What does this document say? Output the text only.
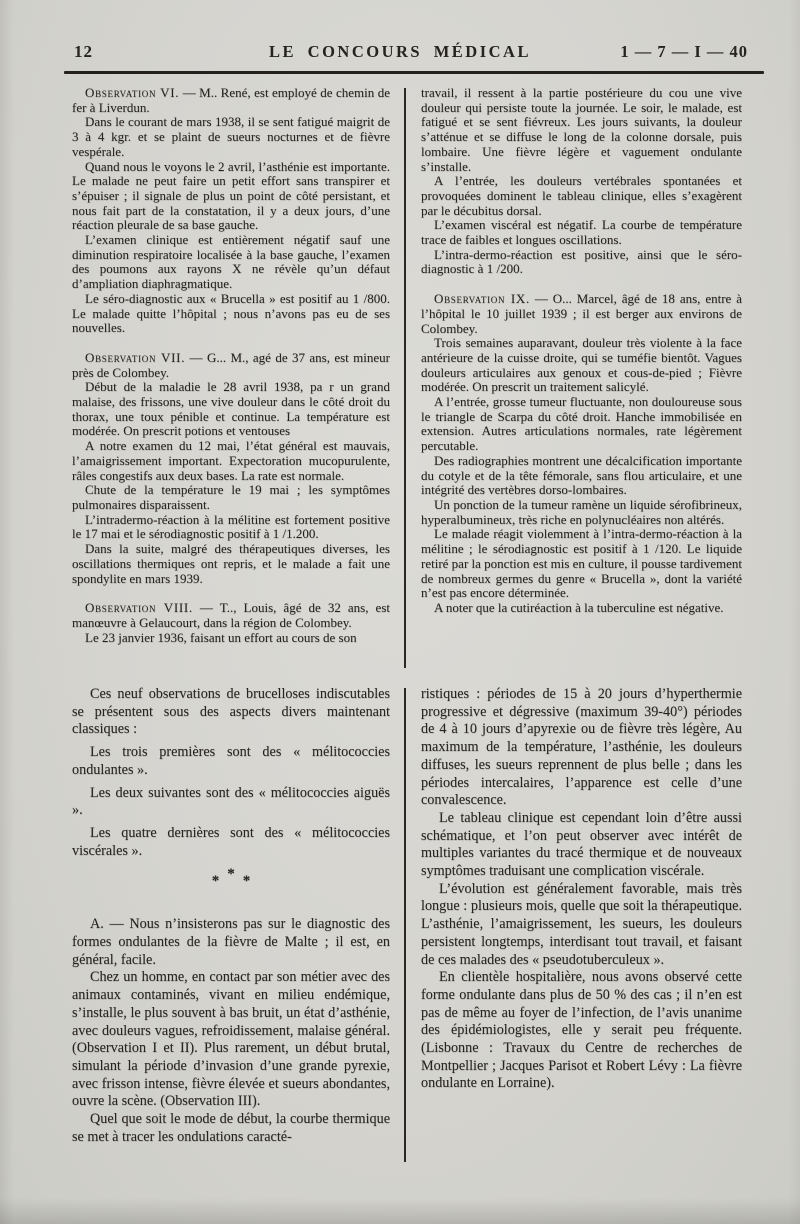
12	LE CONCOURS MÉDICAL	1 — 7 — I — 40

Observation VI. — M.. René, est employé de chemin de fer à Liverdun.

Dans le courant de mars 1938, il se sent fatigué maigrit de 3 à 4 kgr. et se plaint de sueurs nocturnes et de fièvre vespérale.

Quand nous le voyons le 2 avril, l’asthénie est importante. Le malade ne peut faire un petit effort sans transpirer et s’épuiser ; il signale de plus un point de côté persistant, et nous fait part de la constatation, il y a deux jours, d’une réaction pleurale de sa base gauche.

L’examen clinique est entièrement négatif sauf une diminution respiratoire localisée à la base gauche, l’examen des poumons aux rayons X ne révèle qu’un défaut d’ampliation diaphragmatique.

Le séro-diagnostic aux « Brucella » est positif au 1 /800. Le malade quitte l’hôpital ; nous n’avons pas eu de ses nouvelles.

Observation VII. — G... M., agé de 37 ans, est mineur près de Colombey.

Début de la maladie le 28 avril 1938, pa r un grand malaise, des frissons, une vive douleur dans le côté droit du thorax, une toux pénible et continue. La température est modérée. On prescrit potions et ventouses

A notre examen du 12 mai, l’état général est mauvais, l’amaigrissement important. Expectoration mucopurulente, râles congestifs aux deux bases. La rate est normale.

Chute de la température le 19 mai ; les symptômes pulmonaires disparaissent.

L’intradermo-réaction à la mélitine est fortement positive le 17 mai et le sérodiagnostic positif à 1 /1.200.

Dans la suite, malgré des thérapeutiques diverses, les oscillations thermiques ont repris, et le malade a fait une spondylite en mars 1939.

Observation VIII. — T.., Louis, âgé de 32 ans, est manœuvre à Gelaucourt, dans la région de Colombey.

Le 23 janvier 1936, faisant un effort au cours de son

travail, il ressent à la partie postérieure du cou une vive douleur qui persiste toute la journée. Le soir, le malade, est fatigué et se sent fiévreux. Les jours suivants, la douleur s’atténue et se diffuse le long de la colonne dorsale, puis lombaire. Une fièvre légère et vaguement ondulante s’installe.

A l’entrée, les douleurs vertébrales spontanées et provoquées dominent le tableau clinique, elles s’exagèrent par le décubitus dorsal.

L’examen viscéral est négatif. La courbe de température trace de faibles et longues oscillations.

L’intra-dermo-réaction est positive, ainsi que le séro-diagnostic à 1 /200.

Observation IX. — O... Marcel, âgé de 18 ans, entre à l’hôpital le 10 juillet 1939 ; il est berger aux environs de Colombey.

Trois semaines auparavant, douleur très violente à la face antérieure de la cuisse droite, qui se tuméfie bientôt. Vagues douleurs articulaires aux genoux et cous-de-pied ; Fièvre modérée. On prescrit un traitement salicylé.

A l’entrée, grosse tumeur fluctuante, non douloureuse sous le triangle de Scarpa du côté droit. Hanche immobilisée en extension. Autres articulations normales, rate légèrement percutable.

Des radiographies montrent une décalcification importante du cotyle et de la tête fémorale, sans flou articulaire, et une intégrité des vertèbres dorso-lombaires.

Un ponction de la tumeur ramène un liquide sérofibrineux, hyperalbumineux, très riche en polynucléaires non altérés.

Le malade réagit violemment à l’intra-dermo-réaction à la mélitine ; le sérodiagnostic est positif à 1 /120. Le liquide retiré par la ponction est mis en culture, il pousse tardivement de nombreux germes du genre « Brucella », dont la variété n’est pas encore déterminée.

A noter que la cutiréaction à la tuberculine est négative.

Ces neuf observations de brucelloses indiscutables se présentent sous des aspects divers maintenant classiques :

Les trois premières sont des « mélitococcies ondulantes ».

Les deux suivantes sont des « mélitococcies aiguës ».

Les quatre dernières sont des « mélitococcies viscérales ».

* * *

A. — Nous n’insisterons pas sur le diagnostic des formes ondulantes de la fièvre de Malte ; il est, en général, facile.

Chez un homme, en contact par son métier avec des animaux contaminés, vivant en milieu endémique, s’installe, le plus souvent à bas bruit, un état d’asthénie, avec douleurs vagues, refroidissement, malaise général. (Observation I et II). Plus rarement, un début brutal, simulant la période d’invasion d’une grande pyrexie, avec frisson intense, fièvre élevée et sueurs abondantes, ouvre la scène. (Observation III).

Quel que soit le mode de début, la courbe thermique se met à tracer les ondulations caracté-

ristiques : périodes de 15 à 20 jours d’hyperthermie progressive et dégressive (maximum 39-40°) périodes de 4 à 10 jours d’apyrexie ou de fièvre très légère, Au maximum de la température, l’asthénie, les douleurs diffuses, les sueurs reprennent de plus belle ; dans les périodes intercalaires, l’apparence est celle d’une convalescence.

Le tableau clinique est cependant loin d’être aussi schématique, et l’on peut observer avec intérêt de multiples variantes du tracé thermique et de nouveaux symptômes traduisant une complication viscérale.

L’évolution est généralement favorable, mais très longue : plusieurs mois, quelle que soit la thérapeutique. L’asthénie, l’amaigrissement, les sueurs, les douleurs persistent longtemps, interdisant tout travail, et faisant de ces malades des « pseudotuberculeux ».

En clientèle hospitalière, nous avons observé cette forme ondulante dans plus de 50 % des cas ; il n’en est pas de même au foyer de l’infection, de l’avis unanime des épidémiologistes, elle y serait peu fréquente. (Lisbonne : Travaux du Centre de recherches de Montpellier ; Jacques Parisot et Robert Lévy : La fièvre ondulante en Lorraine).
